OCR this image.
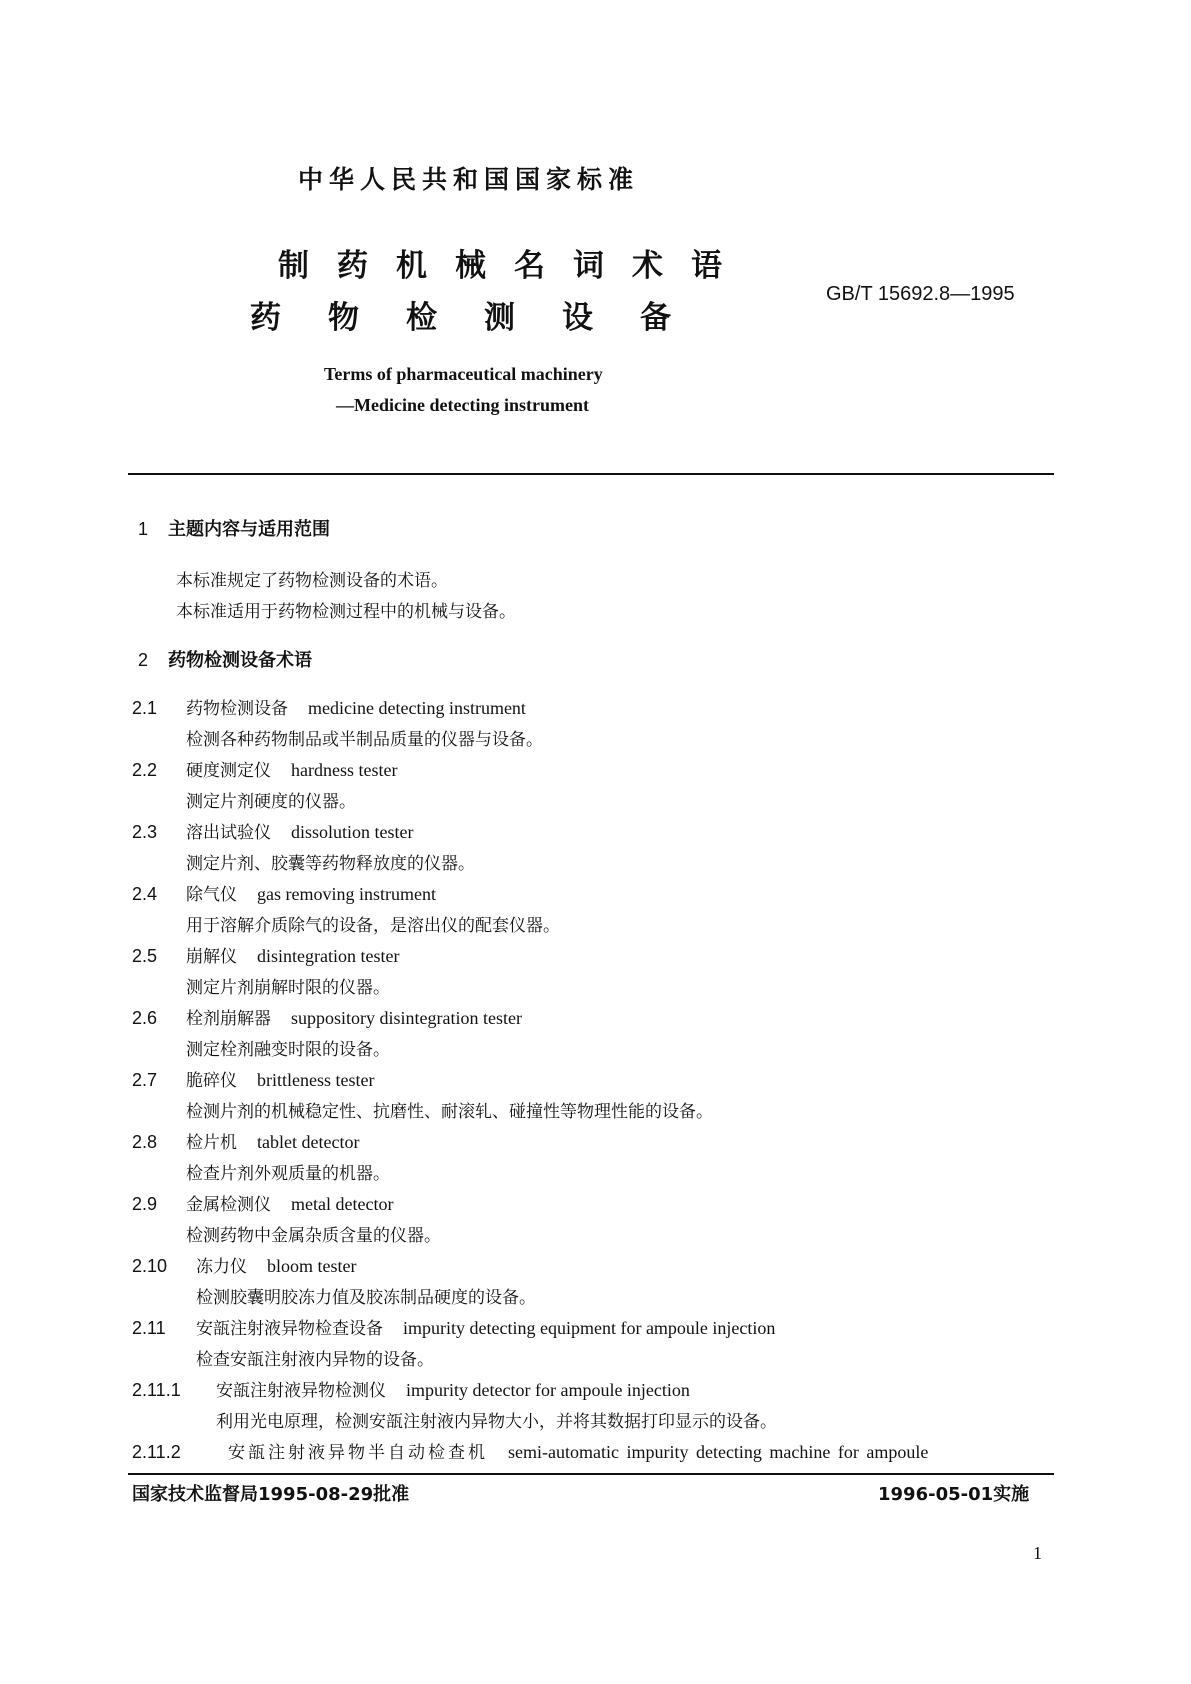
中华人民共和国国家标准
制药机械名词术语
药物检测设备
GB/T 15692.8—1995
Terms of pharmaceutical machinery
—Medicine detecting instrument
1 主题内容与适用范围
本标准规定了药物检测设备的术语。
本标准适用于药物检测过程中的机械与设备。
2 药物检测设备术语
2.1 药物检测设备 medicine detecting instrument
检测各种药物制品或半制品质量的仪器与设备。
2.2 硬度测定仪 hardness tester
测定片剂硬度的仪器。
2.3 溶出试验仪 dissolution tester
测定片剂、胶囊等药物释放度的仪器。
2.4 除气仪 gas removing instrument
用于溶解介质除气的设备，是溶出仪的配套仪器。
2.5 崩解仪 disintegration tester
测定片剂崩解时限的仪器。
2.6 栓剂崩解器 suppository disintegration tester
测定栓剂融变时限的设备。
2.7 脆碎仪 brittleness tester
检测片剂的机械稳定性、抗磨性、耐滚轧、碰撞性等物理性能的设备。
2.8 检片机 tablet detector
检查片剂外观质量的机器。
2.9 金属检测仪 metal detector
检测药物中金属杂质含量的仪器。
2.10 冻力仪 bloom tester
检测胶囊明胶冻力值及胶冻制品硬度的设备。
2.11 安瓿注射液异物检查设备 impurity detecting equipment for ampoule injection
检查安瓿注射液内异物的设备。
2.11.1 安瓿注射液异物检测仪 impurity detector for ampoule injection
利用光电原理，检测安瓿注射液内异物大小，并将其数据打印显示的设备。
2.11.2	安瓿注射液异物半自动检查机 semi-automatic impurity detecting machine for ampoule
国家技术监督局1995-08-29批准	1996-05-01实施
1
